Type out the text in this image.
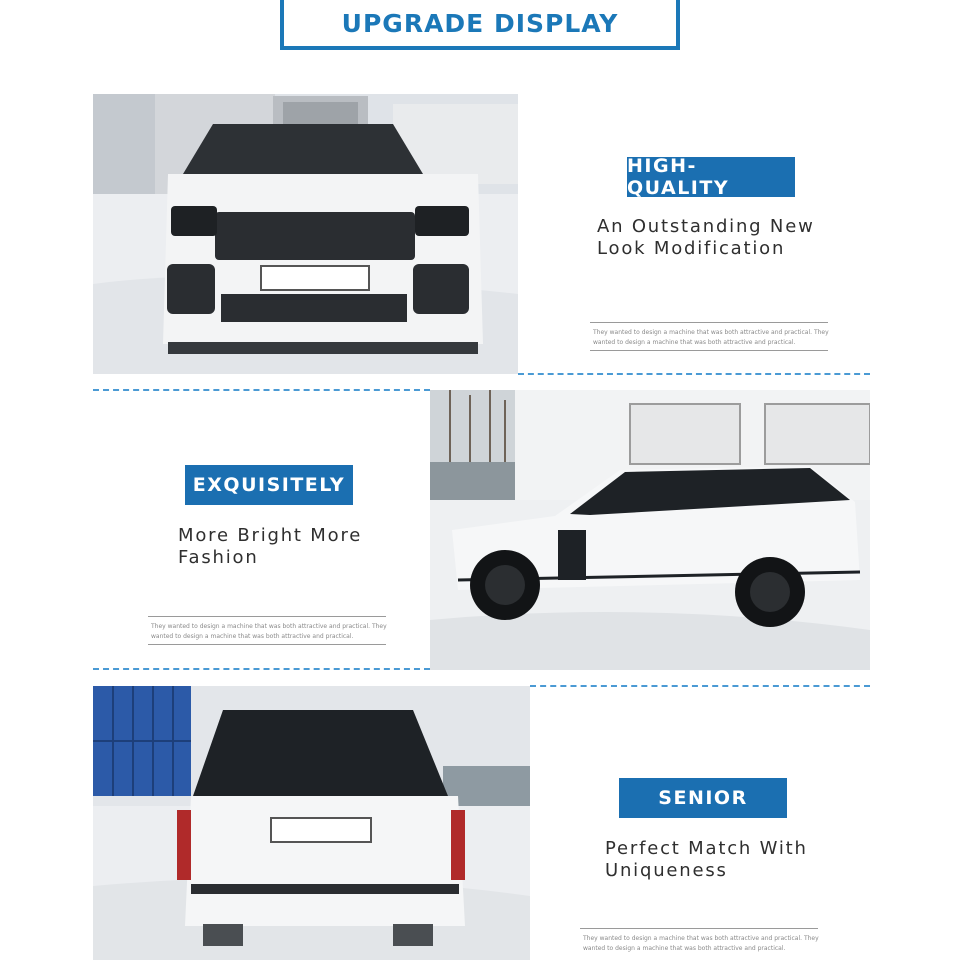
UPGRADE DISPLAY
HIGH-QUALITY
An Outstanding New
Look Modification
They wanted to design a machine that was both attractive and practical. They
wanted to design a machine that was both attractive and practical.
EXQUISITELY
More Bright More
Fashion
They wanted to design a machine that was both attractive and practical. They
wanted to design a machine that was both attractive and practical.
SENIOR
Perfect Match With
Uniqueness
They wanted to design a machine that was both attractive and practical. They
wanted to design a machine that was both attractive and practical.
